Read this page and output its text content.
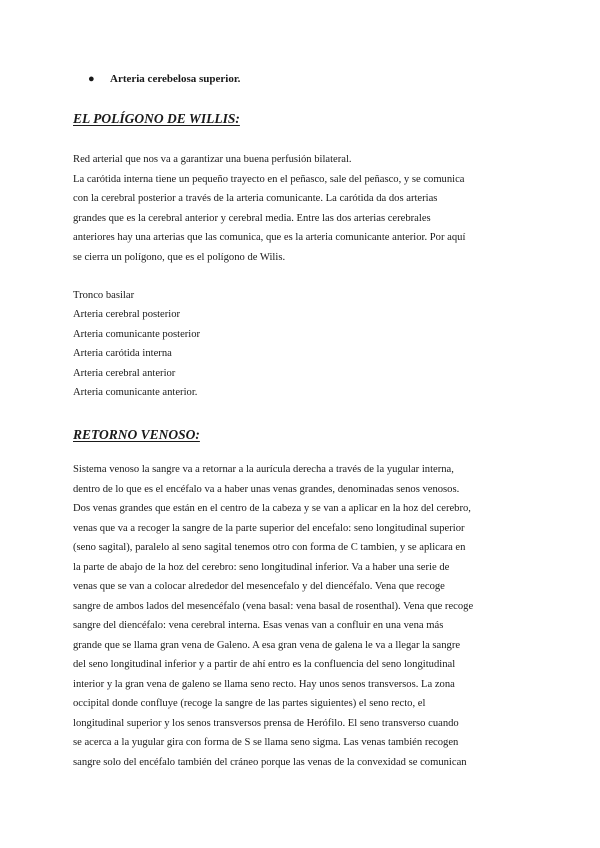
●	Arteria cerebelosa superior.
EL POLÍGONO DE WILLIS:
Red arterial que nos va a garantizar una buena perfusión bilateral.
La carótida interna tiene un pequeño trayecto en el peñasco, sale del peñasco, y se comunica
con la cerebral posterior a través de la arteria comunicante. La carótida da dos arterias
grandes que es la cerebral anterior y cerebral media. Entre las dos arterias cerebrales
anteriores hay una arterias que las comunica, que es la arteria comunicante anterior. Por aquí
se cierra un polígono, que es el polígono de Wilis.
Tronco basilar
Arteria cerebral posterior
Arteria comunicante posterior
Arteria carótida interna
Arteria cerebral anterior
Arteria comunicante anterior.
RETORNO VENOSO:
Sistema venoso la sangre va a retornar a la aurícula derecha a través de la yugular interna,
dentro de lo que es el encéfalo va a haber unas venas grandes, denominadas senos venosos.
Dos venas grandes que están en el centro de la cabeza y se van a aplicar en la hoz del cerebro,
venas que va a recoger la sangre de la parte superior del encefalo: seno longitudinal superior
(seno sagital), paralelo al seno sagital tenemos otro con forma de C tambien, y se aplicara en
la parte de abajo de la hoz del cerebro: seno longitudinal inferior. Va a haber una serie de
venas que se van a colocar alrededor del mesencefalo y del diencéfalo. Vena que recoge
sangre de ambos lados del mesencéfalo (vena basal: vena basal de rosenthal). Vena que recoge
sangre del diencéfalo: vena cerebral interna. Esas venas van a confluir en una vena más
grande que se llama gran vena de Galeno. A esa gran vena de galena le va a llegar la sangre
del seno longitudinal inferior y a partir de ahí entro es la confluencia del seno longitudinal
interior y la gran vena de galeno se llama seno recto. Hay unos senos transversos. La zona
occipital donde confluye (recoge la sangre de las partes siguientes) el seno recto, el
longitudinal superior y los senos transversos prensa de Herófilo. El seno transverso cuando
se acerca a la yugular gira con forma de S se llama seno sigma. Las venas también recogen
sangre solo del encéfalo también del cráneo porque las venas de la convexidad se comunican
